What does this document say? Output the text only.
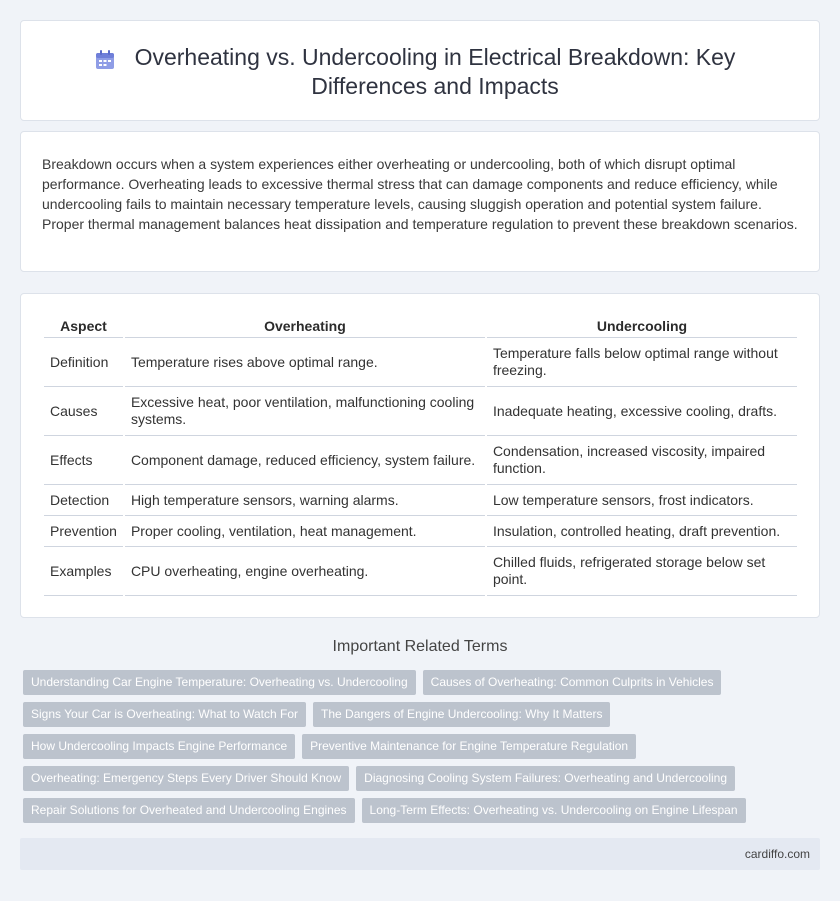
Overheating vs. Undercooling in Electrical Breakdown: Key Differences and Impacts

Breakdown occurs when a system experiences either overheating or undercooling, both of which disrupt optimal performance. Overheating leads to excessive thermal stress that can damage components and reduce efficiency, while undercooling fails to maintain necessary temperature levels, causing sluggish operation and potential system failure. Proper thermal management balances heat dissipation and temperature regulation to prevent these breakdown scenarios.

Aspect	Overheating	Undercooling
Definition	Temperature rises above optimal range.	Temperature falls below optimal range without freezing.
Causes	Excessive heat, poor ventilation, malfunctioning cooling systems.	Inadequate heating, excessive cooling, drafts.
Effects	Component damage, reduced efficiency, system failure.	Condensation, increased viscosity, impaired function.
Detection	High temperature sensors, warning alarms.	Low temperature sensors, frost indicators.
Prevention	Proper cooling, ventilation, heat management.	Insulation, controlled heating, draft prevention.
Examples	CPU overheating, engine overheating.	Chilled fluids, refrigerated storage below set point.
Important Related Terms
Understanding Car Engine Temperature: Overheating vs. Undercooling	Causes of Overheating: Common Culprits in Vehicles
Signs Your Car is Overheating: What to Watch For	The Dangers of Engine Undercooling: Why It Matters
How Undercooling Impacts Engine Performance	Preventive Maintenance for Engine Temperature Regulation
Overheating: Emergency Steps Every Driver Should Know	Diagnosing Cooling System Failures: Overheating and Undercooling
Repair Solutions for Overheated and Undercooling Engines	Long-Term Effects: Overheating vs. Undercooling on Engine Lifespan
cardiffo.com
